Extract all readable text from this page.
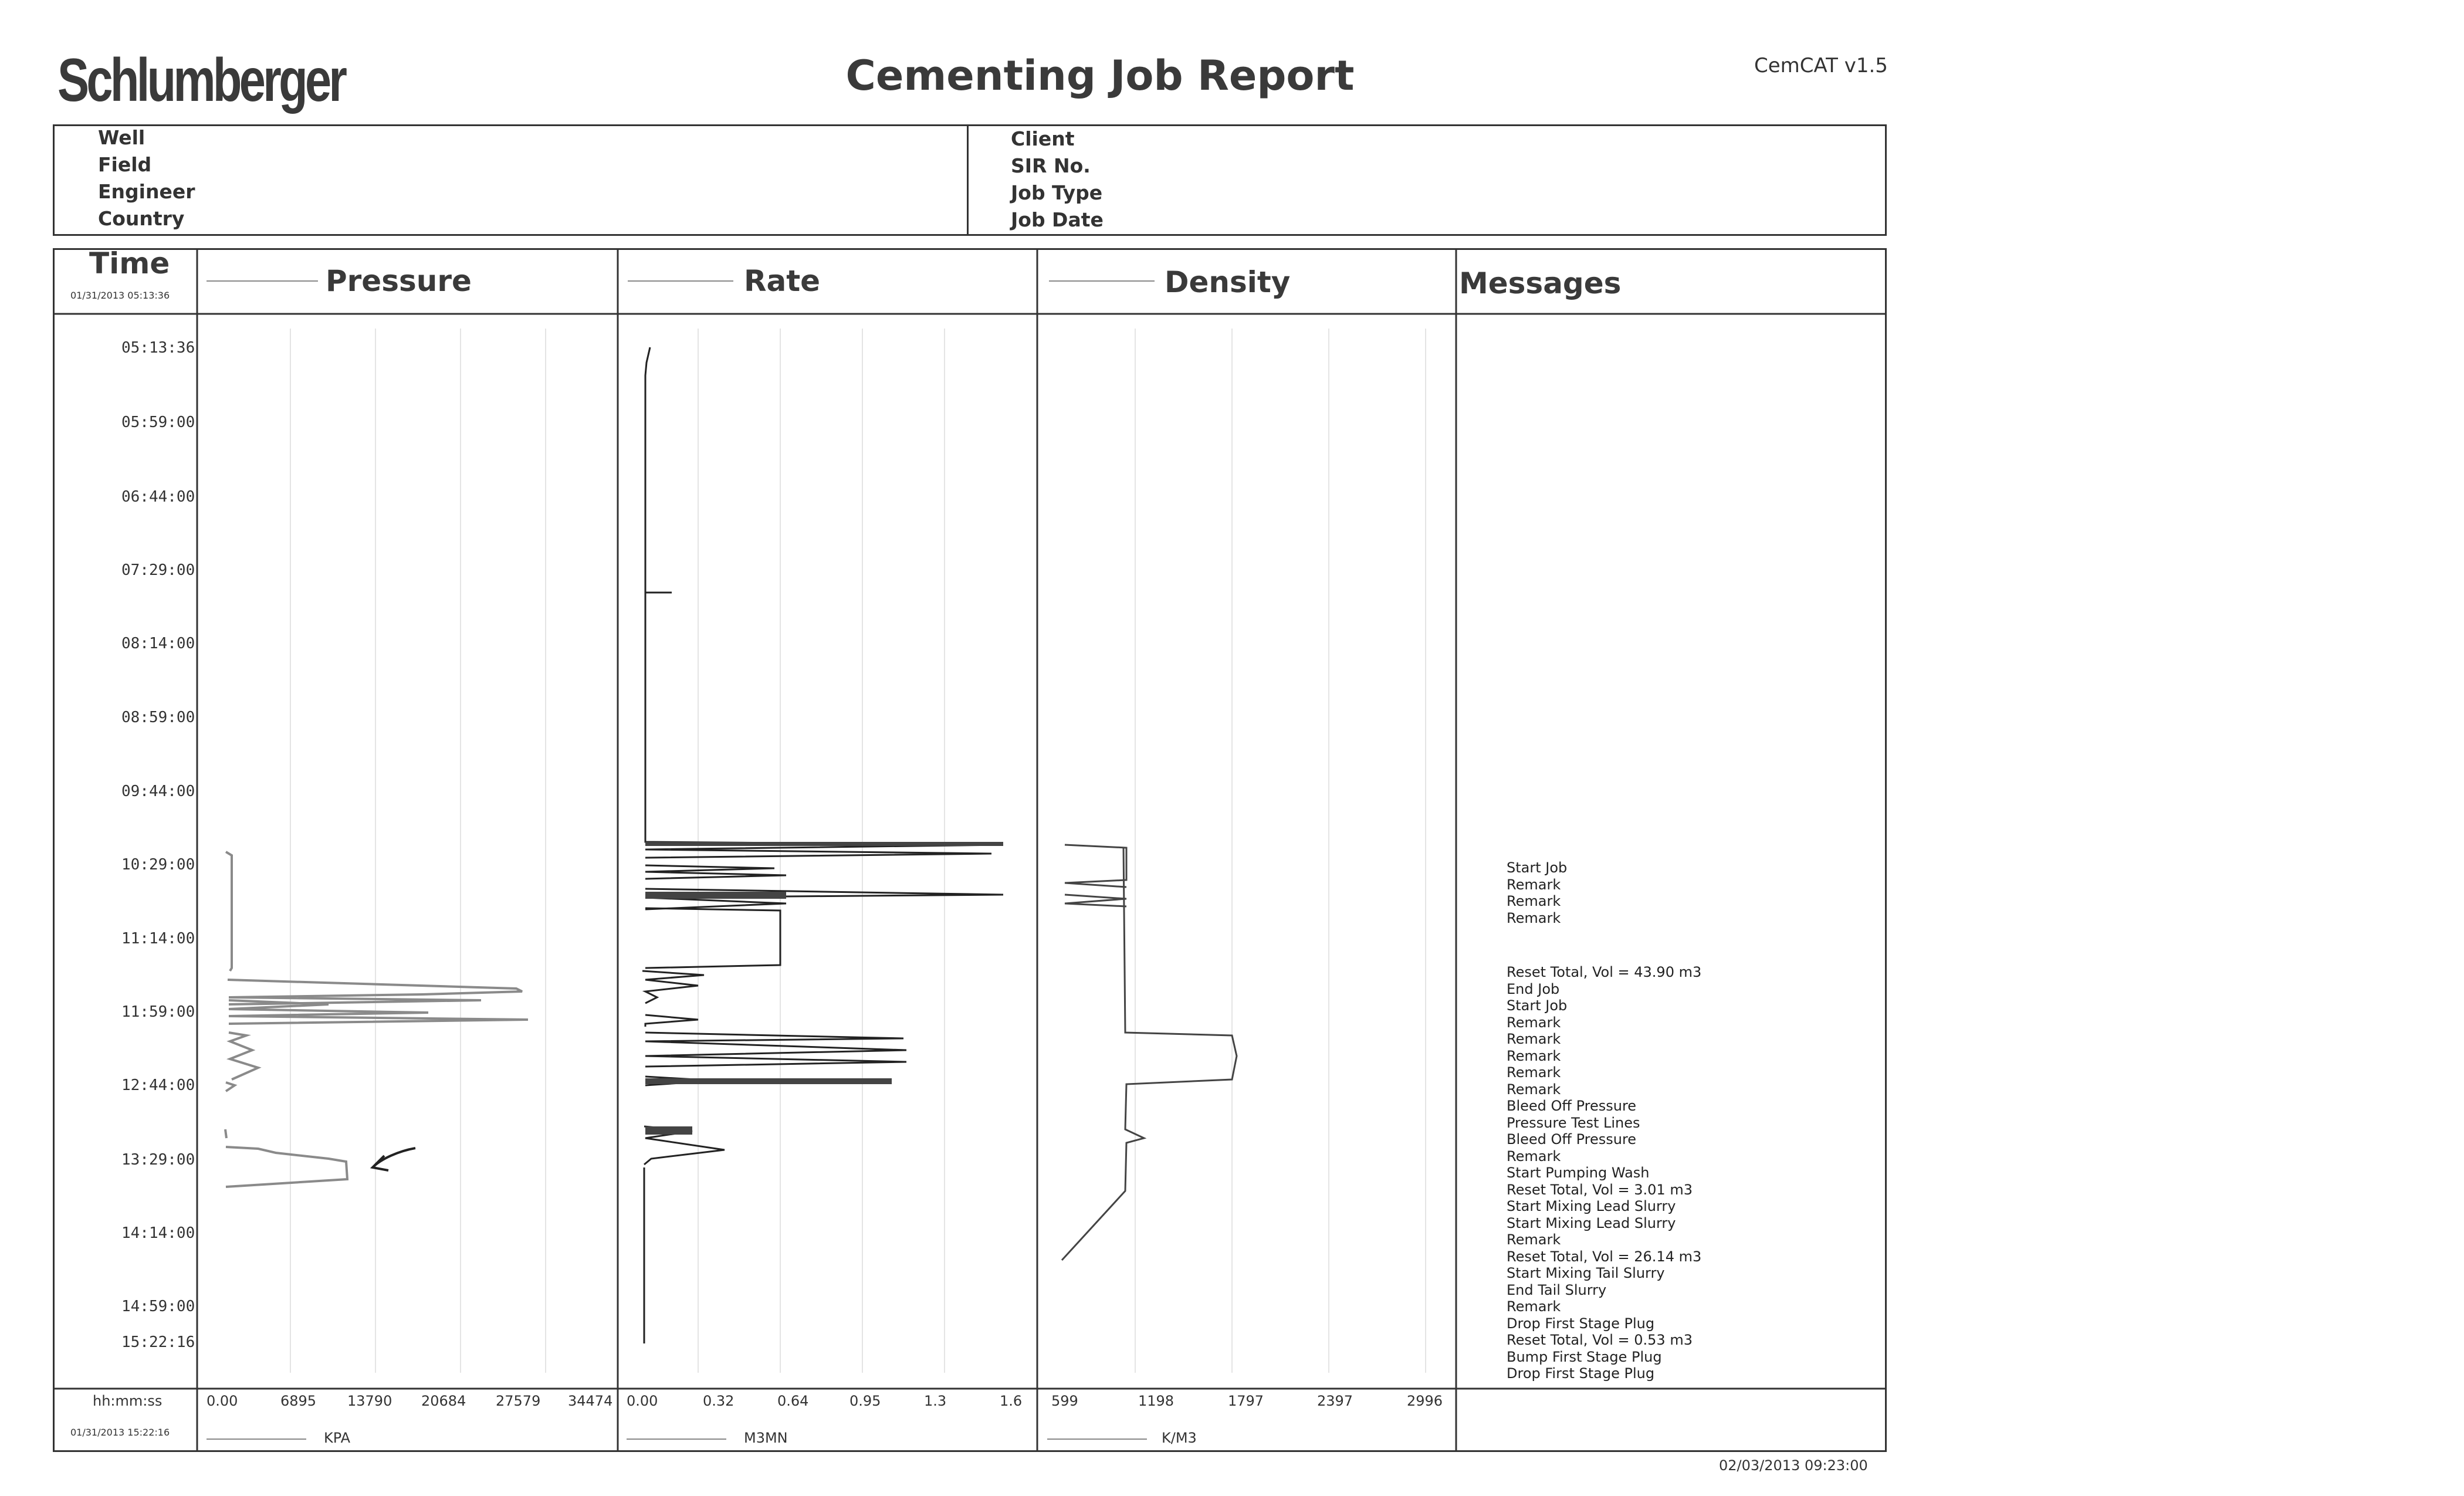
Schlumberger	Cementing Job Report	CemCAT v1.5
Well
Field
Engineer
Country
Client
SIR No.
Job Type
Job Date
Time
01/31/2013 05:13:36	Pressure	Rate	Density	Messages
05:13:36
05:59:00
06:44:00
07:29:00
08:14:00
08:59:00
09:44:00
10:29:00
11:14:00
11:59:00
12:44:00
13:29:00
14:14:00
14:59:00
15:22:16
Start Job
Remark
Remark
Remark
Reset Total, Vol = 43.90 m3
End Job
Start Job
Remark
Remark
Remark
Remark
Remark
Bleed Off Pressure
Pressure Test Lines
Bleed Off Pressure
Remark
Start Pumping Wash
Reset Total, Vol = 3.01 m3
Start Mixing Lead Slurry
Start Mixing Lead Slurry
Remark
Reset Total, Vol = 26.14 m3
Start Mixing Tail Slurry
End Tail Slurry
Remark
Drop First Stage Plug
Reset Total, Vol = 0.53 m3
Bump First Stage Plug
Drop First Stage Plug
hh:mm:ss
01/31/2013 15:22:16
0.00	6895 13790 20684 27579 34474
KPA
0.00	0.32	0.64	0.95	1.3	1.6
M3MN
599	1198	1797	2397	2996
K/M3
02/03/2013 09:23:00
